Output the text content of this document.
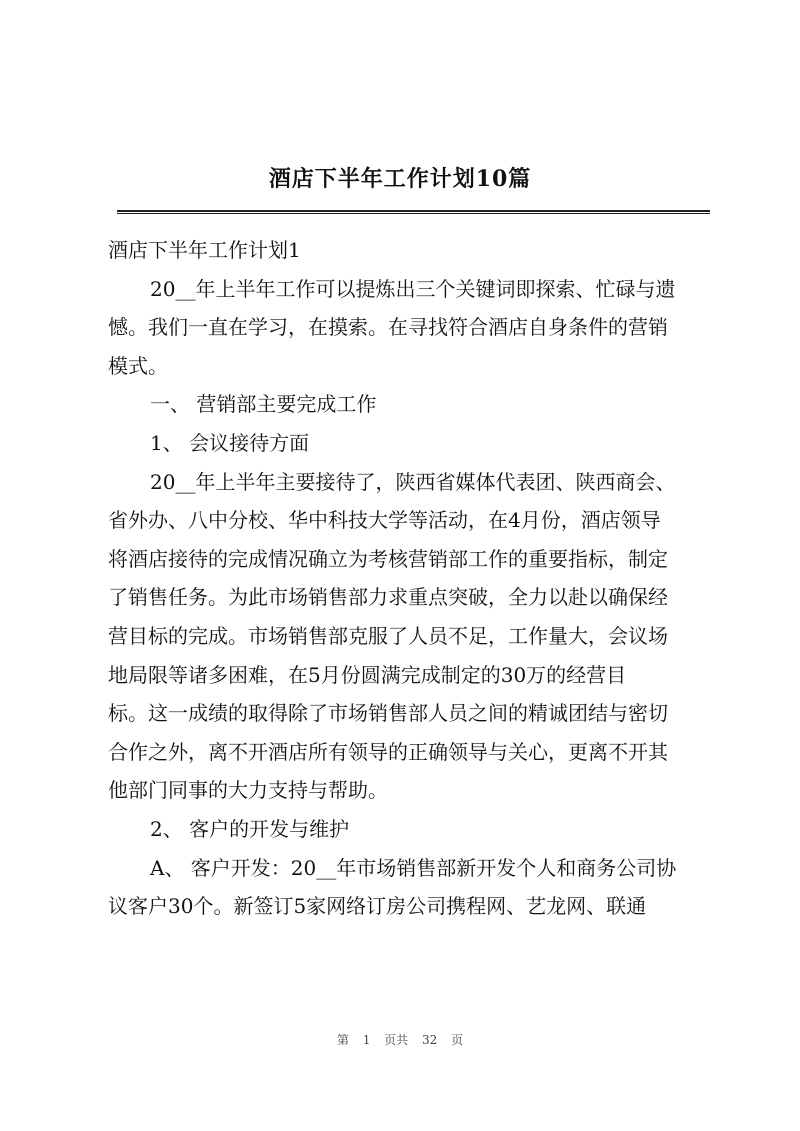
酒店下半年工作计划10篇
酒店下半年工作计划1
20__年上半年工作可以提炼出三个关键词即探索、忙碌与遗
憾。我们一直在学习，在摸索。在寻找符合酒店自身条件的营销
模式。
一、 营销部主要完成工作
1、 会议接待方面
20__年上半年主要接待了，陕西省媒体代表团、陕西商会、
省外办、八中分校、华中科技大学等活动，在4月份，酒店领导
将酒店接待的完成情况确立为考核营销部工作的重要指标，制定
了销售任务。为此市场销售部力求重点突破，全力以赴以确保经
营目标的完成。市场销售部克服了人员不足，工作量大，会议场
地局限等诸多困难，在5月份圆满完成制定的30万的经营目
标。这一成绩的取得除了市场销售部人员之间的精诚团结与密切
合作之外，离不开酒店所有领导的正确领导与关心，更离不开其
他部门同事的大力支持与帮助。
2、 客户的开发与维护
A、 客户开发：20__年市场销售部新开发个人和商务公司协
议客户30个。新签订5家网络订房公司携程网、艺龙网、联通
第 1 页共 32 页
